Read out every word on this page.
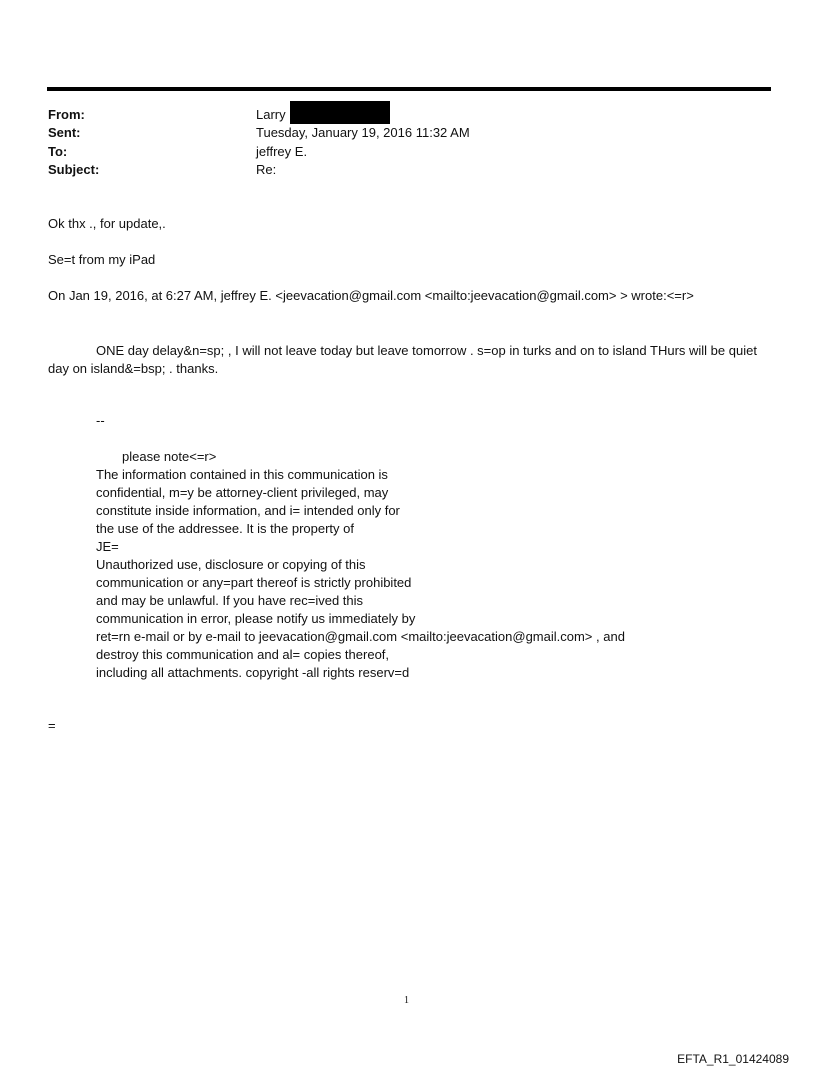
From:	Larry
Sent:	Tuesday, January 19, 2016 11:32 AM
To:	jeffrey E.
Subject:	Re:
Ok thx ., for update,.
Se=t from my iPad
On Jan 19, 2016, at 6:27 AM, jeffrey E. <jeevacation@gmail.com <mailto:jeevacation@gmail.com> > wrote:<=r>
ONE day delay&n=sp; , I will not leave today but leave tomorrow . s=op in turks and on to island THurs will be quiet day on island&=bsp; . thanks.
--
please note<=r>
The information contained in this communication is
confidential, m=y be attorney-client privileged, may
constitute inside information, and i= intended only for
the use of the addressee. It is the property of
JE=
Unauthorized use, disclosure or copying of this
communication or any=part thereof is strictly prohibited
and may be unlawful. If you have rec=ived this
communication in error, please notify us immediately by
ret=rn e-mail or by e-mail to jeevacation@gmail.com <mailto:jeevacation@gmail.com> , and
destroy this communication and al= copies thereof,
including all attachments. copyright -all rights reserv=d
=
1
EFTA_R1_01424089
